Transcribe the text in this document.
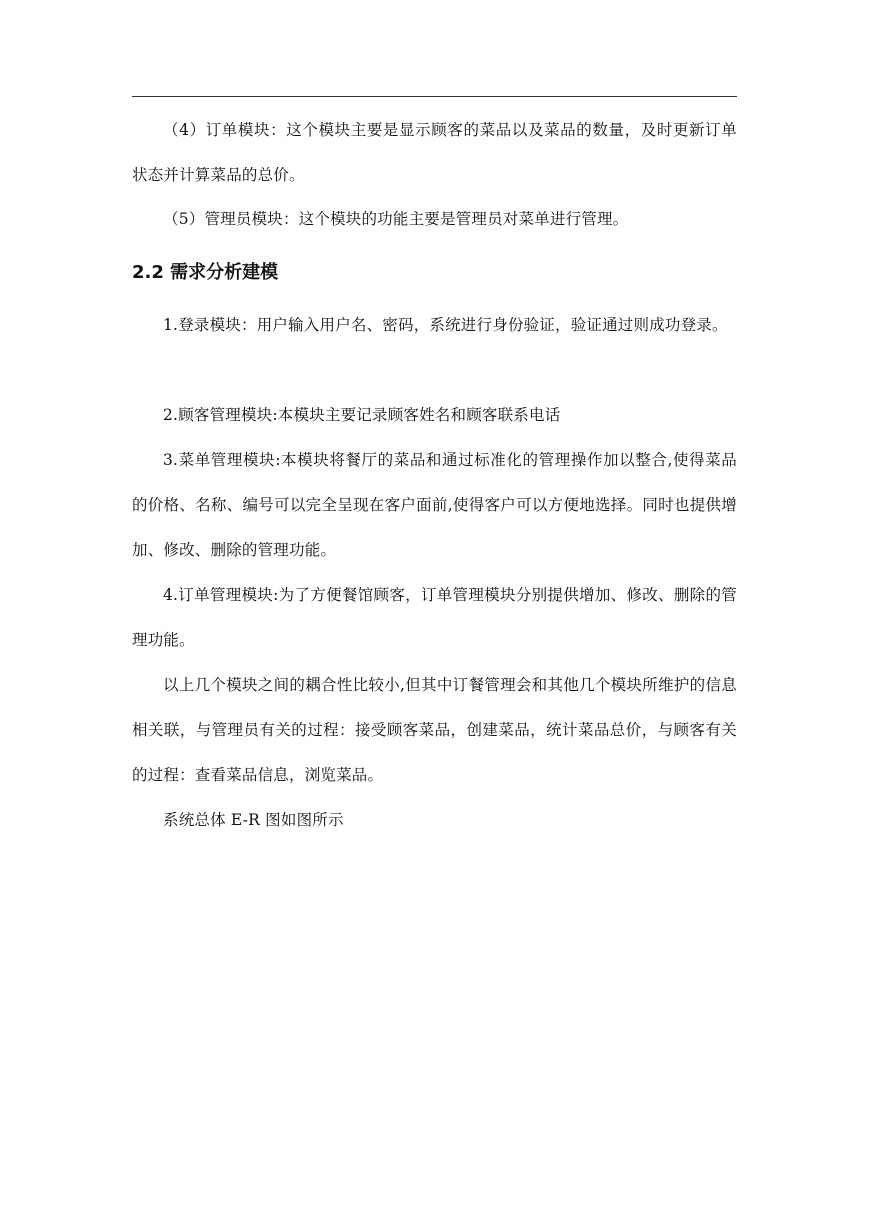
（4）订单模块：这个模块主要是显示顾客的菜品以及菜品的数量，及时更新订单状态并计算菜品的总价。

（5）管理员模块：这个模块的功能主要是管理员对菜单进行管理。

2.2 需求分析建模

1.登录模块：用户输入用户名、密码，系统进行身份验证，验证通过则成功登录。

2.顾客管理模块:本模块主要记录顾客姓名和顾客联系电话

3.菜单管理模块:本模块将餐厅的菜品和通过标准化的管理操作加以整合,使得菜品的价格、名称、编号可以完全呈现在客户面前,使得客户可以方便地选择。同时也提供增加、修改、删除的管理功能。

4.订单管理模块:为了方便餐馆顾客，订单管理模块分别提供增加、修改、删除的管理功能。

以上几个模块之间的耦合性比较小,但其中订餐管理会和其他几个模块所维护的信息相关联，与管理员有关的过程：接受顾客菜品，创建菜品，统计菜品总价，与顾客有关的过程：查看菜品信息，浏览菜品。

系统总体 E-R 图如图所示
